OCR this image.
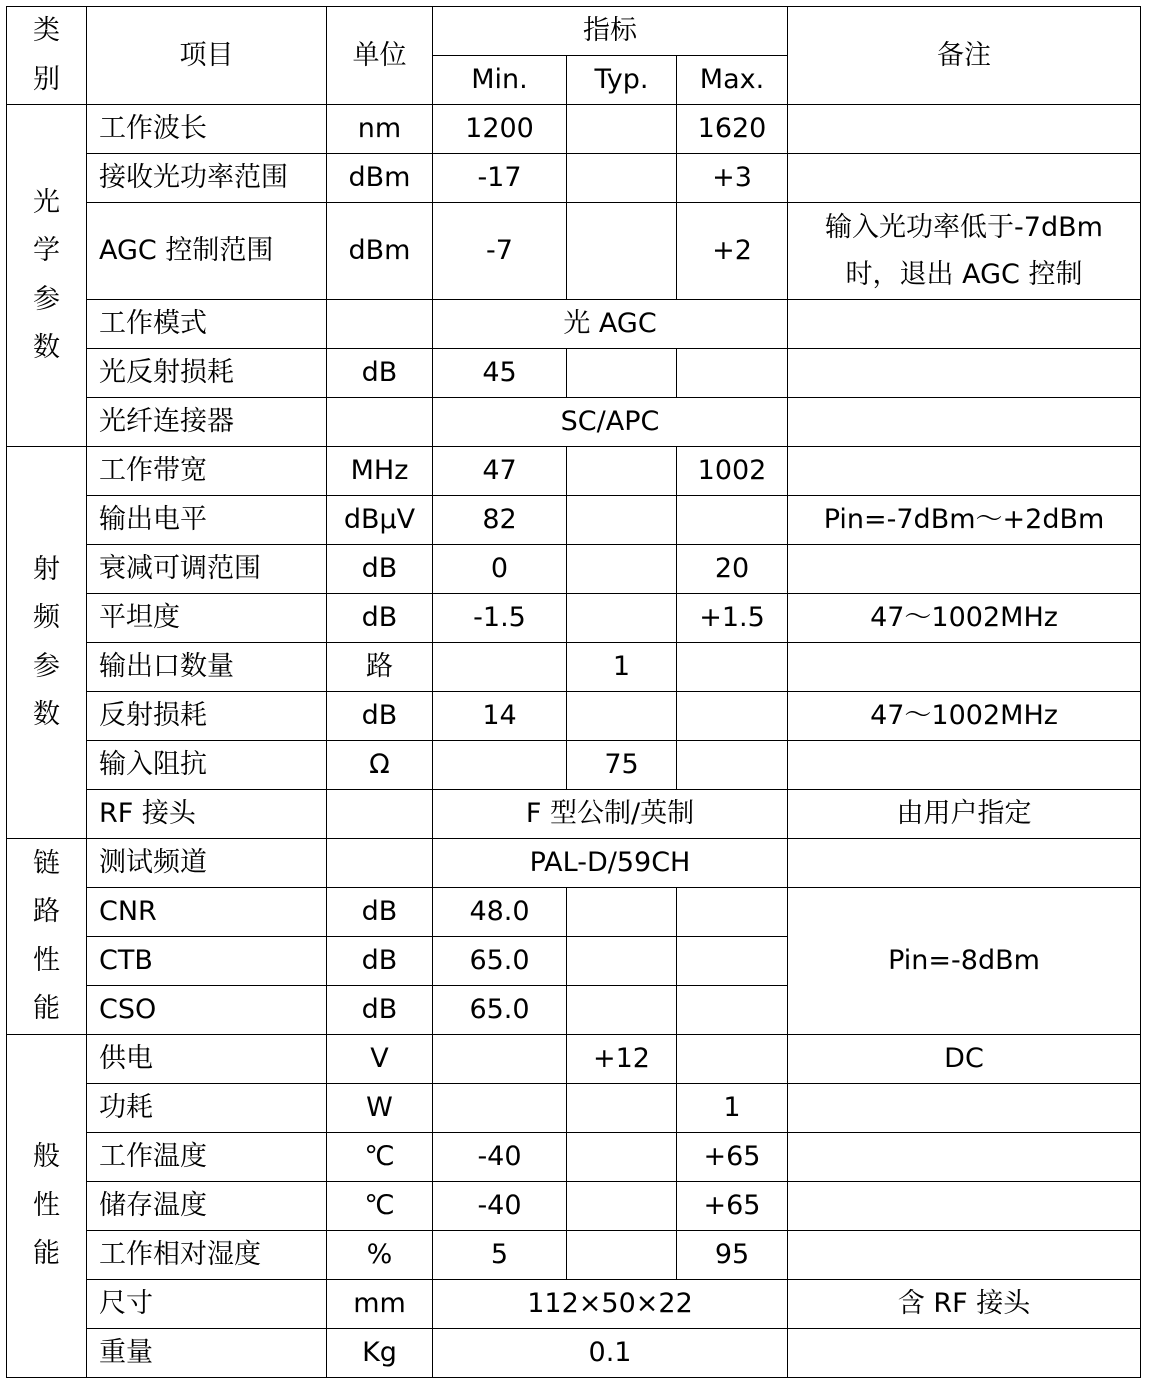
类
别	项目	单位	指标			备注
			Min.	Typ.	Max.	

光
学
参
数	工作波长	nm	1200		1620	
	接收光功率范围	dBm	-17		+3	
	AGC 控制范围	dBm	-7		+2	输入光功率低于-7dBm
时，退出 AGC 控制

	工作模式		光 AGC			
	光反射损耗	dB	45			
	光纤连接器		SC/APC			

射
频
参
数	工作带宽	MHz	47		1002	
	输出电平	dBμV	82			Pin=-7dBm～+2dBm
	衰减可调范围	dB	0		20	
	平坦度	dB	-1.5		+1.5	47～1002MHz
	输出口数量	路		1		
	反射损耗	dB	14			47～1002MHz
	输入阻抗	Ω		75		
	RF 接头		F 型公制/英制			由用户指定

链
路
性
能	测试频道		PAL-D/59CH			
	CNR	dB	48.0			Pin=-8dBm
	CTB	dB	65.0			
	CSO	dB	65.0			

般
性
能	供电	V		+12		DC
	功耗	W			1	
	工作温度	℃	-40		+65	
	储存温度	℃	-40		+65	
	工作相对湿度	%	5		95	
	尺寸	mm	112×50×22			含 RF 接头
	重量	Kg	0.1			
